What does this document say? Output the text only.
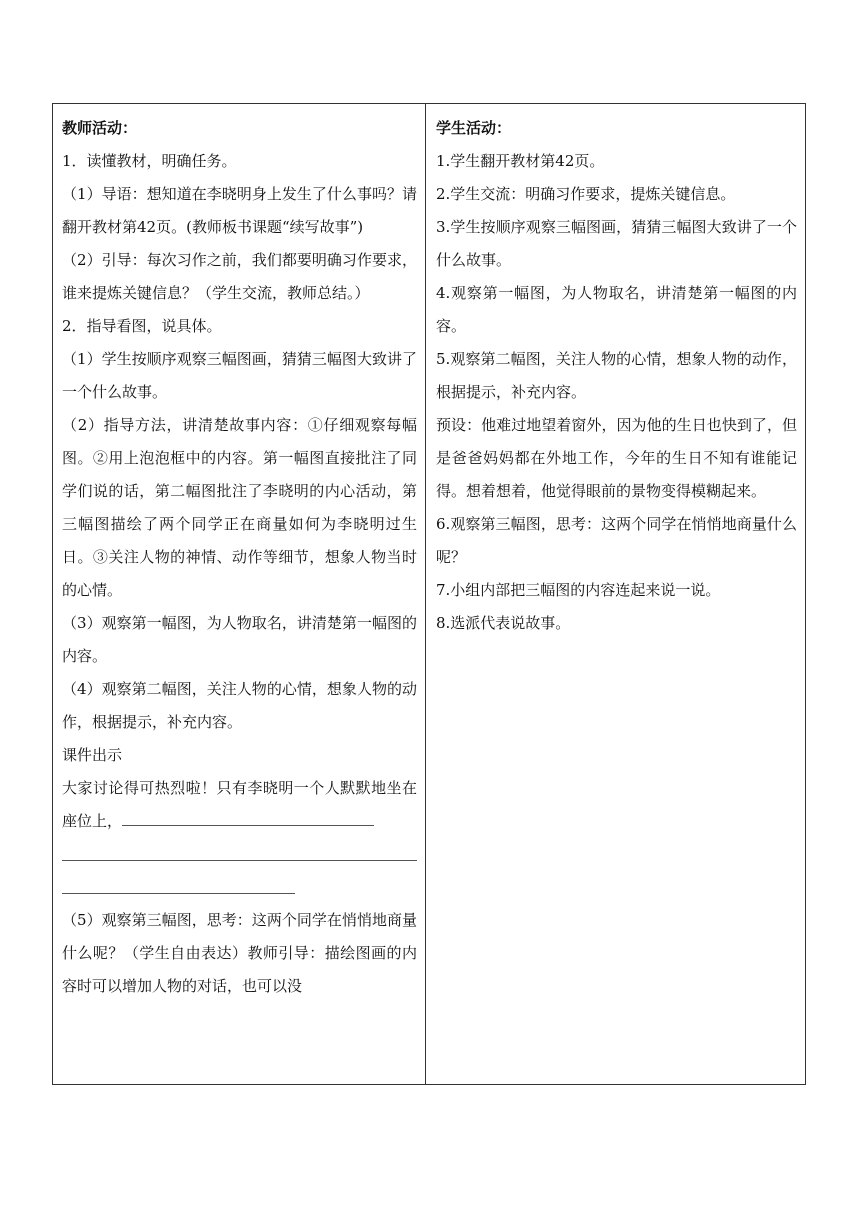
教师活动：

1．读懂教材，明确任务。

（1）导语：想知道在李晓明身上发生了什么事吗？请翻开教材第42页。(教师板书课题“续写故事”)

（2）引导：每次习作之前，我们都要明确习作要求，谁来提炼关键信息？（学生交流，教师总结。）

2．指导看图，说具体。

（1）学生按顺序观察三幅图画，猜猜三幅图大致讲了一个什么故事。

（2）指导方法，讲清楚故事内容：①仔细观察每幅图。②用上泡泡框中的内容。第一幅图直接批注了同学们说的话，第二幅图批注了李晓明的内心活动，第三幅图描绘了两个同学正在商量如何为李晓明过生日。③关注人物的神情、动作等细节，想象人物当时的心情。

（3）观察第一幅图，为人物取名，讲清楚第一幅图的内容。

（4）观察第二幅图，关注人物的心情，想象人物的动作，根据提示，补充内容。

课件出示

大家讨论得可热烈啦！只有李晓明一个人默默地坐在座位上，

（5）观察第三幅图，思考：这两个同学在悄悄地商量什么呢？（学生自由表达）教师引导：描绘图画的内容时可以增加人物的对话，也可以没

学生活动：

1.学生翻开教材第42页。

2.学生交流：明确习作要求，提炼关键信息。

3.学生按顺序观察三幅图画，猜猜三幅图大致讲了一个什么故事。

4.观察第一幅图，为人物取名，讲清楚第一幅图的内容。

5.观察第二幅图，关注人物的心情，想象人物的动作，根据提示，补充内容。

预设：他难过地望着窗外，因为他的生日也快到了，但是爸爸妈妈都在外地工作，今年的生日不知有谁能记得。想着想着，他觉得眼前的景物变得模糊起来。

6.观察第三幅图，思考：这两个同学在悄悄地商量什么呢？

7.小组内部把三幅图的内容连起来说一说。

8.选派代表说故事。
